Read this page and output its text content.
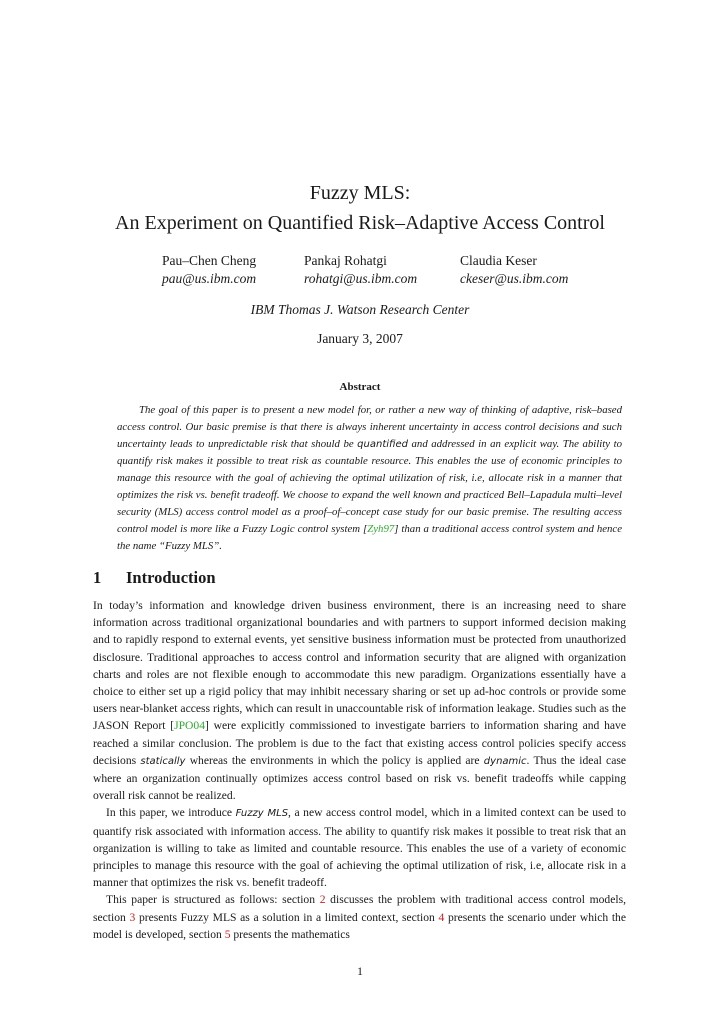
Fuzzy MLS:
An Experiment on Quantified Risk–Adaptive Access Control
Pau–Chen Cheng
pau@us.ibm.com
Pankaj Rohatgi
rohatgi@us.ibm.com
Claudia Keser
ckeser@us.ibm.com
IBM Thomas J. Watson Research Center
January 3, 2007
Abstract

The goal of this paper is to present a new model for, or rather a new way of thinking of adaptive, risk–based access control. Our basic premise is that there is always inherent uncertainty in access control decisions and such uncertainty leads to unpredictable risk that should be quantified and addressed in an explicit way. The ability to quantify risk makes it possible to treat risk as countable resource. This enables the use of economic principles to manage this resource with the goal of achieving the optimal utilization of risk, i.e, allocate risk in a manner that optimizes the risk vs. benefit tradeoff. We choose to expand the well known and practiced Bell–Lapadula multi–level security (MLS) access control model as a proof–of–concept case study for our basic premise. The resulting access control model is more like a Fuzzy Logic control system [Zyh97] than a traditional access control system and hence the name “Fuzzy MLS”.

1 Introduction

In today’s information and knowledge driven business environment, there is an increasing need to share information across traditional organizational boundaries and with partners to support informed decision making and to rapidly respond to external events, yet sensitive business information must be protected from unauthorized disclosure. Traditional approaches to access control and information security that are aligned with organization charts and roles are not flexible enough to accommodate this new paradigm. Organizations essentially have a choice to either set up a rigid policy that may inhibit necessary sharing or set up ad-hoc controls or provide some users near-blanket access rights, which can result in unaccountable risk of information leakage. Studies such as the JASON Report [JPO04] were explicitly commissioned to investigate barriers to information sharing and have reached a similar conclusion. The problem is due to the fact that existing access control policies specify access decisions statically whereas the environments in which the policy is applied are dynamic. Thus the ideal case where an organization continually optimizes access control based on risk vs. benefit tradeoffs while capping overall risk cannot be realized.

In this paper, we introduce Fuzzy MLS, a new access control model, which in a limited context can be used to quantify risk associated with information access. The ability to quantify risk makes it possible to treat risk that an organization is willing to take as limited and countable resource. This enables the use of a variety of economic principles to manage this resource with the goal of achieving the optimal utilization of risk, i.e, allocate risk in a manner that optimizes the risk vs. benefit tradeoff.

This paper is structured as follows: section 2 discusses the problem with traditional access control models, section 3 presents Fuzzy MLS as a solution in a limited context, section 4 presents the scenario under which the model is developed, section 5 presents the mathematics

1
